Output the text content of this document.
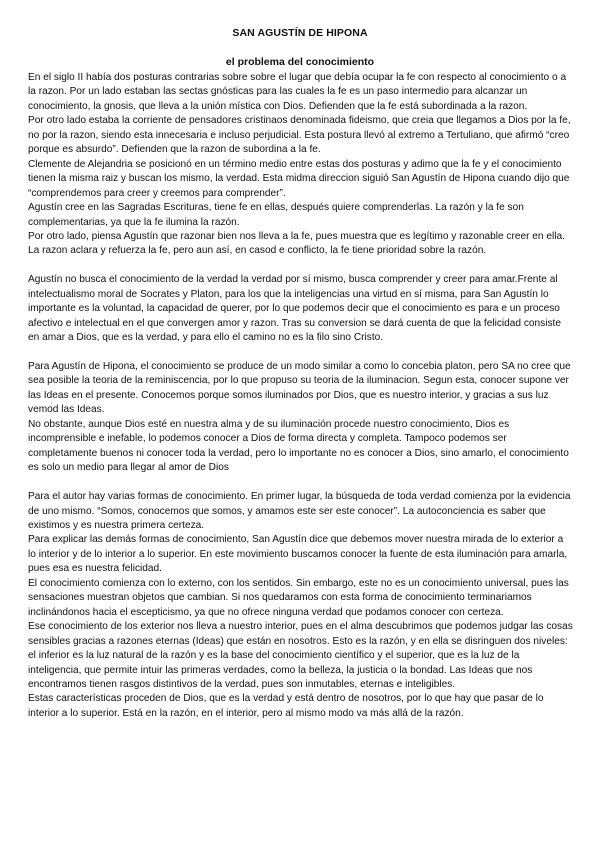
SAN AGUSTÍN DE HIPONA
el problema del conocimiento

En el siglo II había dos posturas contrarias sobre sobre el lugar que debía ocupar la fe con respecto al conocimiento o a la razon. Por un lado estaban las sectas gnósticas para las cuales la fe es un paso intermedio para alcanzar un conocimiento, la gnosis, que lleva a la unión mística con Dios. Defienden que la fe está subordinada a la razon.

Por otro lado estaba la corriente de pensadores cristinaos denominada fideismo, que creia que llegamos a Dios por la fe, no por la razon, siendo esta innecesaria e incluso perjudicial. Esta postura llevó al extremo a Tertuliano, que afirmó “creo porque es absurdo”. Defienden que la razon de subordina a la fe.

Clemente de Alejandria se posicionó en un término medio entre estas dos posturas y adimo que la fe y el conocimiento tienen la misma raiz y buscan los mismo, la verdad. Esta midma direccion siguió San Agustín de Hipona cuando dijo que “comprendemos para creer y creemos para comprender”.

Agustín cree en las Sagradas Escrituras, tiene fe en ellas, después quiere comprenderlas. La razón y la fe son complementarias, ya que la fe ilumina la razón.

Por otro lado, piensa Agustín que razonar bien nos lleva a la fe, pues muestra que es legítimo y razonable creer en ella. La razon aclara y refuerza la fe, pero aun así, en casod e conflicto, la fe tiene prioridad sobre la razón.

Agustín no busca el conocimiento de la verdad la verdad por sí mismo, busca comprender y creer para amar.Frente al intelectualismo moral de Socrates y Platon, para los que la inteligencias una virtud en sí misma, para San Agustín lo importante es la voluntad, la capacidad de querer, por lo que podemos decir que el conocimiento es para e un proceso afectivo e intelectual en el que convergen amor y razon. Tras su conversion se dará cuenta de que la felicidad consiste en amar a Dios, que es la verdad, y para ello el camino no es la filo sino Cristo.

Para Agustín de Hipona, el conocimiento se produce de un modo similar a como lo concebia platon, pero SA no cree que sea posible la teoria de la reminiscencia, por lo que propuso su teoria de la iluminacion. Segun esta, conocer supone ver las Ideas en el presente. Conocemos porque somos iluminados por Dios, que es nuestro interior, y gracias a sus luz vemod las Ideas.

No obstante, aunque Dios esté en nuestra alma y de su iluminación procede nuestro conocimiento, Dios es incomprensible e inefable, lo podemos conocer a Dios de forma directa y completa. Tampoco podemos ser completamente buenos ni conocer toda la verdad, pero lo importante no es conocer a Dios, sino amarlo, el conocimiento es solo un medio para llegar al amor de Dios

Para el autor hay varias formas de conocimiento. En primer lugar, la búsqueda de toda verdad comienza por la evidencia de uno mismo. “Somos, conocemos que somos, y amamos este ser este conocer”. La autoconciencia es saber que existimos y es nuestra primera certeza.

Para explicar las demás formas de conocimiento, San Agustín dice que debemos mover nuestra mirada de lo exterior a lo interior y de lo interior a lo superior. En este movimiento buscamos conocer la fuente de esta iluminación para amarla, pues esa es nuestra felicidad.

El conocimiento comienza con lo externo, con los sentidos. Sin embargo, este no es un conocimiento universal, pues las sensaciones muestran objetos que cambian. Si nos quedaramos con esta forma de conocimiento terminariamos inclinándonos hacia el escepticismo, ya que no ofrece ninguna verdad que podamos conocer con certeza.

Ese conocimiento de los exterior nos lleva a nuestro interior, pues en el alma descubrimos que podemos judgar las cosas sensibles gracias a razones eternas (Ideas) que están en nosotros. Esto es la razón, y en ella se disringuen dos niveles: el inferior es la luz natural de la razón y es la base del conocimiento científico y el superior, que es la luz de la inteligencia, que permite intuir las primeras verdades, como la belleza, la justicia o la bondad. Las Ideas que nos encontramos tienen rasgos distintivos de la verdad, pues son inmutables, eternas e inteligibles.

Estas características proceden de Dios, que es la verdad y está dentro de nosotros, por lo que hay que pasar de lo interior a lo superior. Está en la razón, en el interior, pero al mismo modo va más allá de la razón.
